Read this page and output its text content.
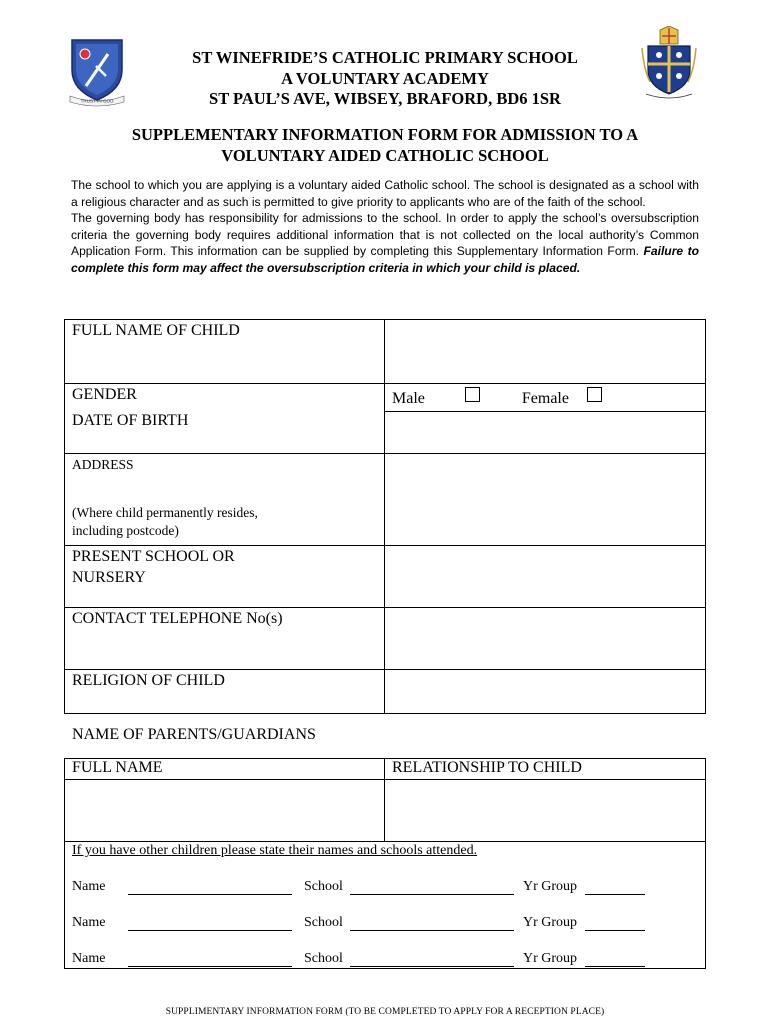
TRUST IN GOD
ST WINEFRIDE’S CATHOLIC PRIMARY SCHOOL
A VOLUNTARY ACADEMY
ST PAUL’S AVE, WIBSEY, BRAFORD, BD6 1SR
SUPPLEMENTARY INFORMATION FORM FOR ADMISSION TO A
VOLUNTARY AIDED CATHOLIC SCHOOL

The school to which you are applying is a voluntary aided Catholic school. The school is designated as a school with a religious character and as such is permitted to give priority to applicants who are of the faith of the school.

The governing body has responsibility for admissions to the school. In order to apply the school’s oversubscription criteria the governing body requires additional information that is not collected on the local authority’s Common Application Form. This information can be supplied by completing this Supplementary Information Form. Failure to complete this form may affect the oversubscription criteria in which your child is placed.

FULL NAME OF CHILD	

GENDER	Male Female

DATE OF BIRTH	

ADDRESS
(Where child permanently resides,
including postcode)	

PRESENT SCHOOL OR
NURSERY	

CONTACT TELEPHONE No(s)	

RELIGION OF CHILD	

NAME OF PARENTS/GUARDIANS
FULL NAME	RELATIONSHIP TO CHILD

If you have other children please state their names and schools attended.
Name	School	Yr Group
Name	School	Yr Group
Name	School	Yr Group
SUPPLIMENTARY INFORMATION FORM (TO BE COMPLETED TO APPLY FOR A RECEPTION PLACE)
